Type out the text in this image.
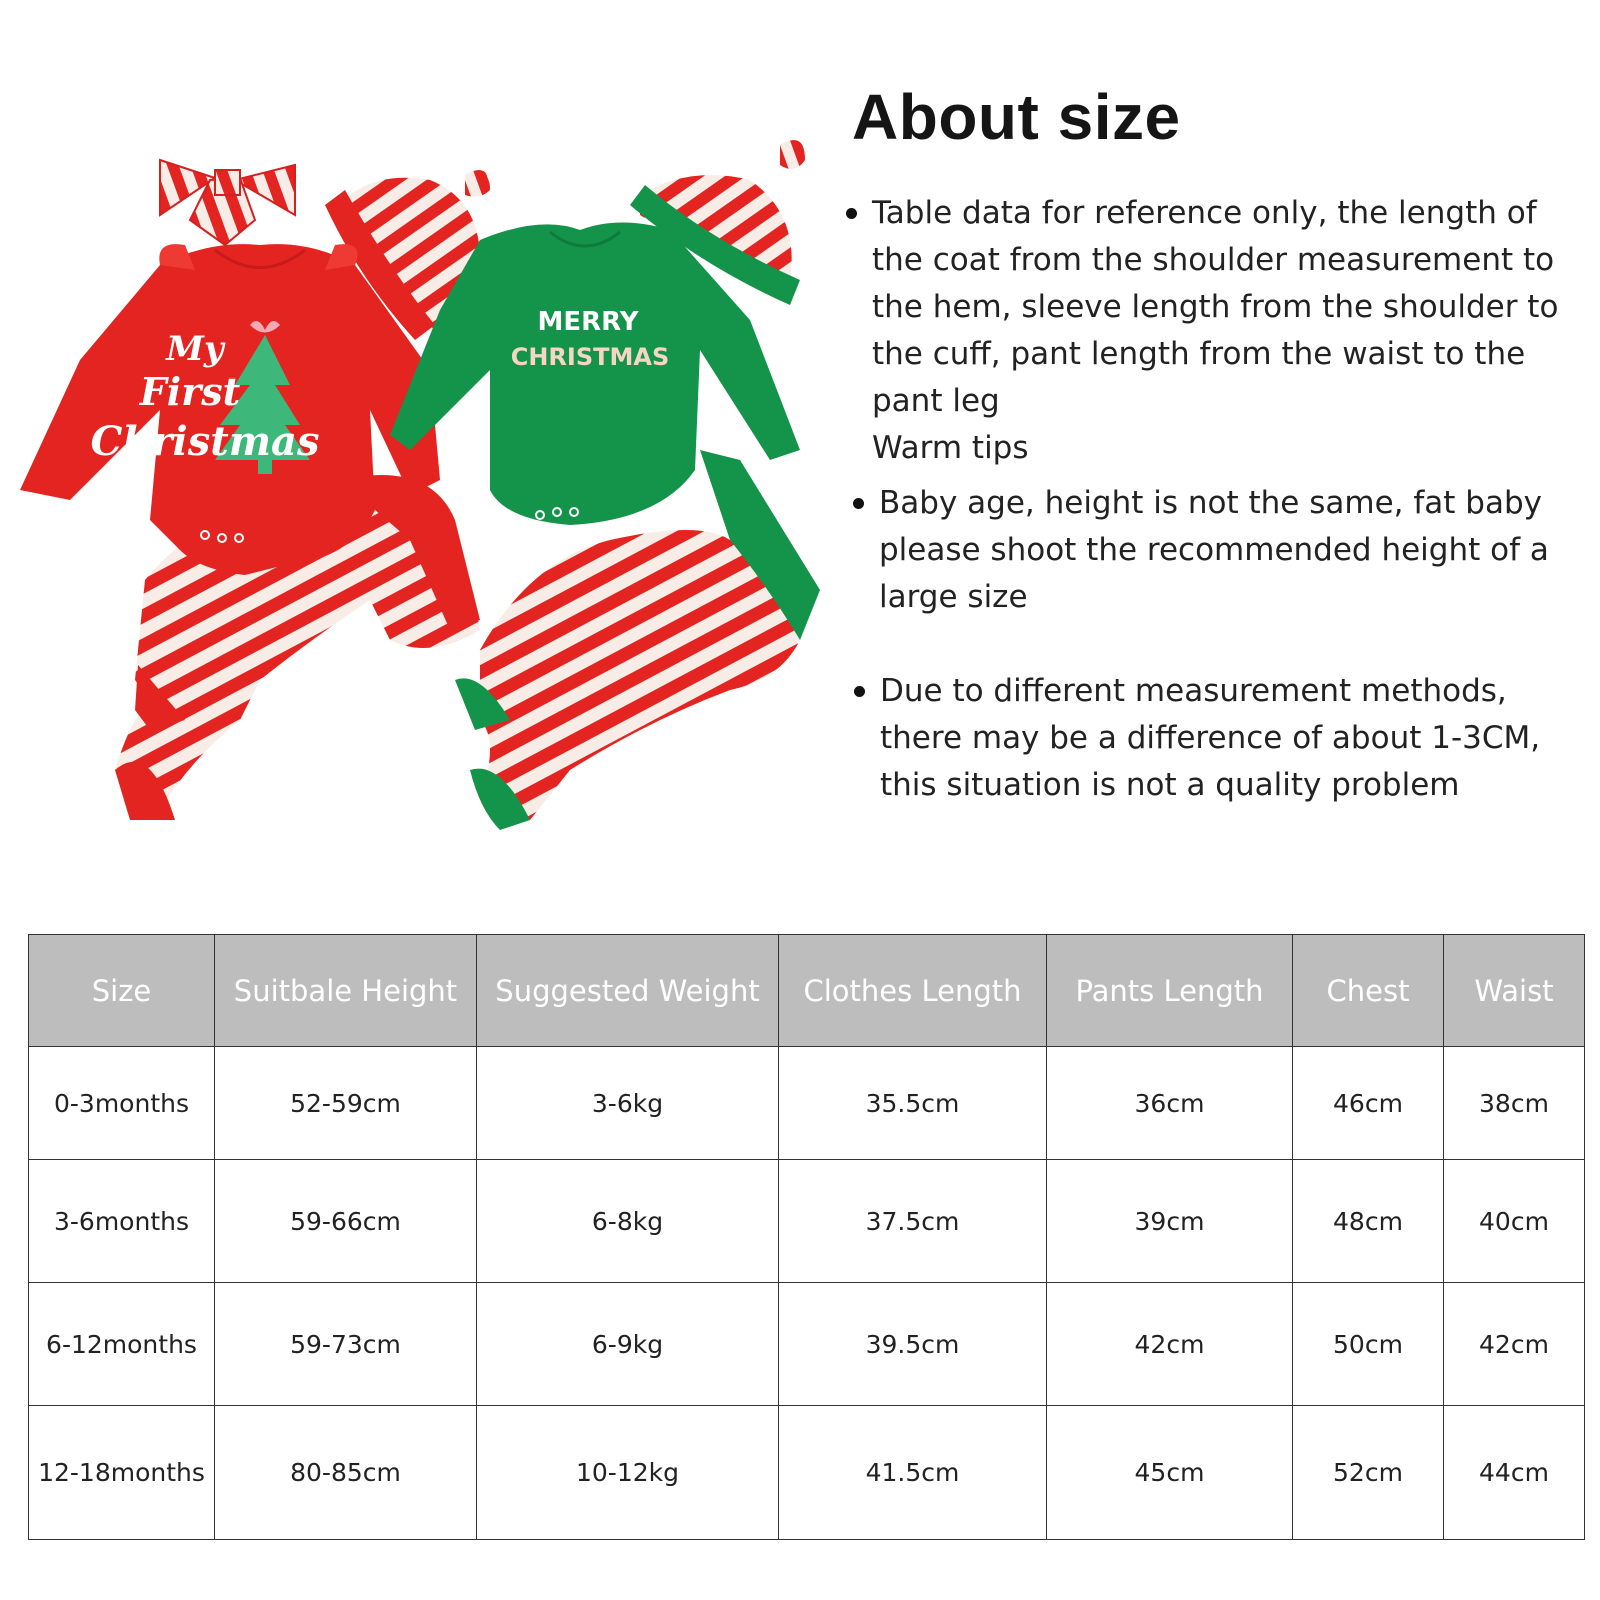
My
First
Christmas
MERRY
CHRISTMAS
About size

Table data for reference only, the length of the coat from the shoulder measurement to the hem, sleeve length from the shoulder to the cuff, pant length from the waist to the pant leg

Warm tips

Baby age, height is not the same, fat baby please shoot the recommended height of a large size

Due to different measurement methods, there may be a difference of about 1-3CM, this situation is not a quality problem

Size	Suitbale Height	Suggested Weight	Clothes Length	Pants Length	Chest	Waist
0-3months	52-59cm	3-6kg	35.5cm	36cm	46cm	38cm
3-6months	59-66cm	6-8kg	37.5cm	39cm	48cm	40cm
6-12months	59-73cm	6-9kg	39.5cm	42cm	50cm	42cm
12-18months	80-85cm	10-12kg	41.5cm	45cm	52cm	44cm
